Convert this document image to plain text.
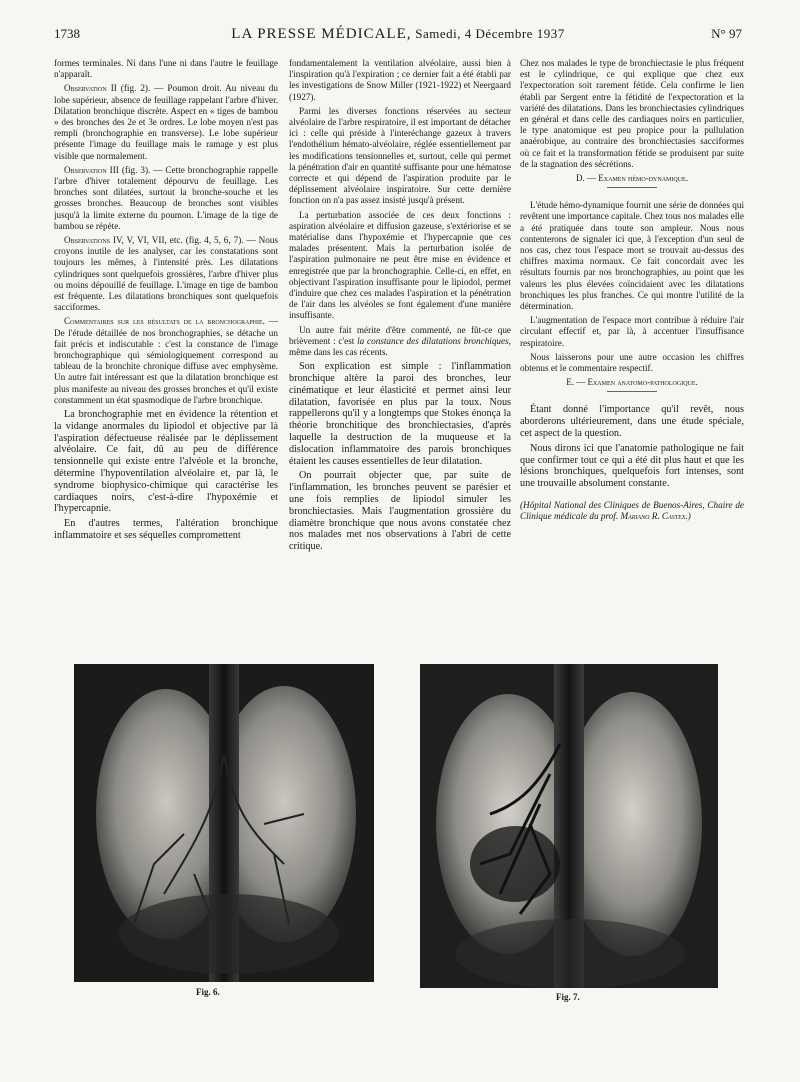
1738	LA PRESSE MÉDICALE, Samedi, 4 Décembre 1937	N° 97

formes terminales. Ni dans l'une ni dans l'autre le feuillage n'apparaît.

Observation II (fig. 2). — Poumon droit. Au niveau du lobe supérieur, absence de feuillage rappelant l'arbre d'hiver. Dilatation bronchique discrète. Aspect en « tiges de bambou » des bronches des 2e et 3e ordres. Le lobe moyen n'est pas rempli (bronchographie en transverse). Le lobe supérieur présente l'image du feuillage mais le ramage y est plus visible que normalement.

Observation III (fig. 3). — Cette bronchographie rappelle l'arbre d'hiver totalement dépourvu de feuillage. Les bronches sont dilatées, surtout la bronche-souche et les grosses bronches. Beaucoup de bronches sont visibles jusqu'à la limite externe du poumon. L'image de la tige de bambou se répète.

Observations IV, V, VI, VII, etc. (fig. 4, 5, 6, 7). — Nous croyons inutile de les analyser, car les constatations sont toujours les mêmes, à l'intensité près. Les dilatations cylindriques sont quelquefois grossières, l'arbre d'hiver plus ou moins dépouillé de feuillage. L'image en tige de bambou est fréquente. Les dilatations bronchiques sont quelquefois sacciformes.

Commentaires sur les résultats de la bronchographie. — De l'étude détaillée de nos bronchographies, se détache un fait précis et indiscutable : c'est la constance de l'image bronchographique qui sémiologiquement correspond au tableau de la bronchite chronique diffuse avec emphysème. Un autre fait intéressant est que la dilatation bronchique est plus manifeste au niveau des grosses bronches et qu'il existe constamment un état spasmodique de l'arbre bronchique.

La bronchographie met en évidence la rétention et la vidange anormales du lipiodol et objective par là l'aspiration défectueuse réalisée par le déplissement alvéolaire. Ce fait, dû au peu de différence tensionnelle qui existe entre l'alvéole et la bronche, détermine l'hypoventilation alvéolaire et, par là, le syndrome biophysico-chimique qui caractérise les cardiaques noirs, c'est-à-dire l'hypoxémie et l'hypercapnie.

En d'autres termes, l'altération bronchique inflammatoire et ses séquelles compromettent

fondamentalement la ventilation alvéolaire, aussi bien à l'inspiration qu'à l'expiration ; ce dernier fait a été établi par les investigations de Snow Miller (1921-1922) et Neergaard (1927).

Parmi les diverses fonctions réservées au secteur alvéolaire de l'arbre respiratoire, il est important de détacher ici : celle qui préside à l'interéchange gazeux à travers l'endothélium hémato-alvéolaire, réglée essentiellement par les modifications tensionnelles et, surtout, celle qui permet la pénétration d'air en quantité suffisante pour une hématose correcte et qui dépend de l'aspiration produite par le déplissement alvéolaire inspiratoire. Sur cette dernière fonction on n'a pas assez insisté jusqu'à présent.

La perturbation associée de ces deux fonctions : aspiration alvéolaire et diffusion gazeuse, s'extériorise et se matérialise dans l'hypoxémie et l'hypercapnie que ces malades présentent. Mais la perturbation isolée de l'aspiration pulmonaire ne peut être mise en évidence et enregistrée que par la bronchographie. Celle-ci, en effet, en objectivant l'aspiration insuffisante pour le lipiodol, permet d'induire que chez ces malades l'aspiration et la pénétration de l'air dans les alvéoles se font également d'une manière insuffisante.

Un autre fait mérite d'être commenté, ne fût-ce que brièvement : c'est la constance des dilatations bronchiques, même dans les cas récents.

Son explication est simple : l'inflammation bronchique altère la paroi des bronches, leur cinématique et leur élasticité et permet ainsi leur dilatation, favorisée en plus par la toux. Nous rappellerons qu'il y a longtemps que Stokes énonça la théorie bronchitique des bronchiectasies, d'après laquelle la destruction de la muqueuse et la dislocation inflammatoire des parois bronchiques étaient les causes essentielles de leur dilatation.

On pourrait objecter que, par suite de l'inflammation, les bronches peuvent se parésier et une fois remplies de lipiodol simuler les bronchiectasies. Mais l'augmentation grossière du diamètre bronchique que nous avons constatée chez nos malades met nos observations à l'abri de cette critique.

Chez nos malades le type de bronchiectasie le plus fréquent est le cylindrique, ce qui explique que chez eux l'expectoration soit rarement fétide. Cela confirme le lien établi par Sergent entre la fétidité de l'expectoration et la variété des dilatations. Dans les bronchiectasies cylindriques en général et dans celle des cardiaques noirs en particulier, le type anatomique est peu propice pour la pullulation anaérobique, au contraire des bronchiectasies sacciformes où ce fait et la transformation fétide se produisent par suite de la stagnation des sécrétions.

D. — Examen hémo-dynamique.

L'étude hémo-dynamique fournit une série de données qui revêtent une importance capitale. Chez tous nos malades elle a été pratiquée dans toute son ampleur. Nous nous contenterons de signaler ici que, à l'exception d'un seul de nos cas, chez tous l'espace mort se trouvait au-dessus des chiffres maxima normaux. Ce fait concordait avec les résultats fournis par nos bronchographies, au point que les valeurs les plus élevées coïncidaient avec les dilatations bronchiques les plus franches. Ce qui montre l'utilité de la détermination.

L'augmentation de l'espace mort contribue à réduire l'air circulant effectif et, par là, à accentuer l'insuffisance respiratoire.

Nous laisserons pour une autre occasion les chiffres obtenus et le commentaire respectif.

E. — Examen anatomo-pathologique.

Étant donné l'importance qu'il revêt, nous aborderons ultérieurement, dans une étude spéciale, cet aspect de la question.

Nous dirons ici que l'anatomie pathologique ne fait que confirmer tout ce qui a été dit plus haut et que les lésions bronchiques, quelquefois fort intenses, sont une trouvaille absolument constante.

(Hôpital National des Cliniques de Buenos-Aires, Chaire de Clinique médicale du prof. Mariano R. Castex.)

Fig. 6.	Fig. 7.
